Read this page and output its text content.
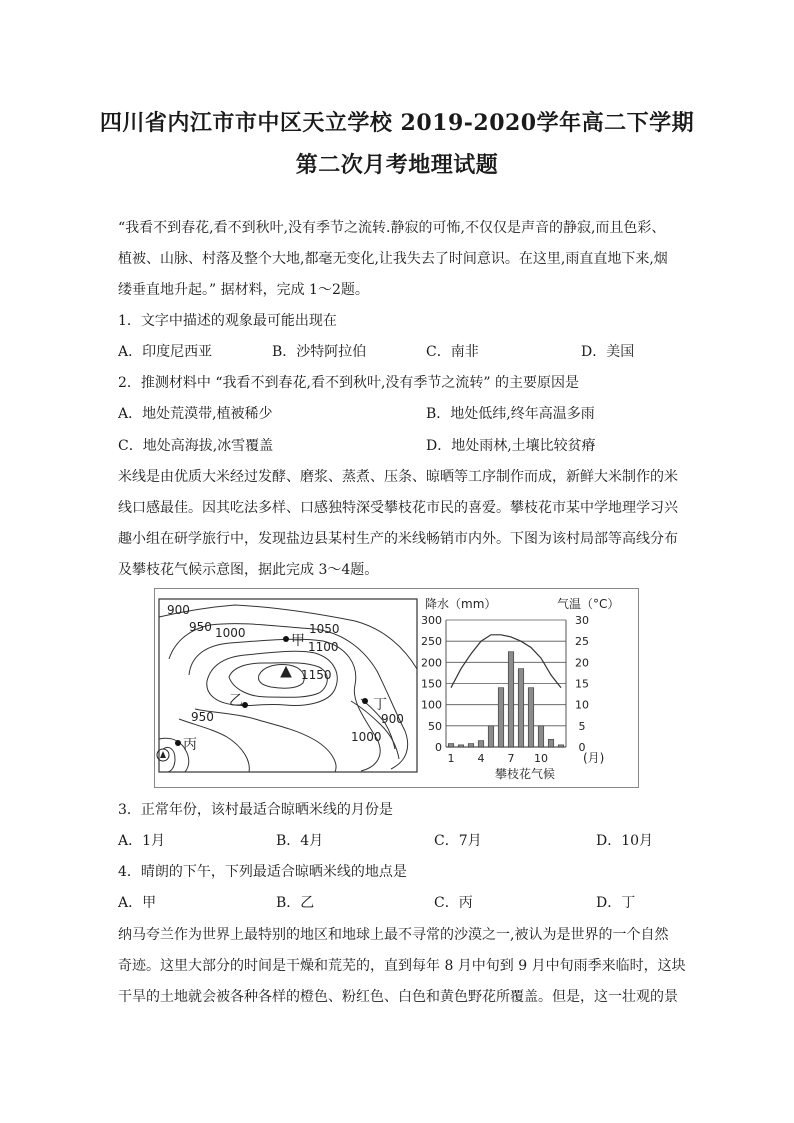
四川省内江市市中区天立学校 2019-2020学年高二下学期
第二次月考地理试题
“我看不到春花,看不到秋叶,没有季节之流转.静寂的可怖,不仅仅是声音的静寂,而且色彩、
植被、山脉、村落及整个大地,都毫无变化,让我失去了时间意识。在这里,雨直直地下来,烟
缕垂直地升起。” 据材料，完成 1～2题。
1．文字中描述的观象最可能出现在
A．印度尼西亚	B．沙特阿拉伯	C．南非	D．美国
2．推测材料中 “我看不到春花,看不到秋叶,没有季节之流转” 的主要原因是
A．地处荒漠带,植被稀少	B．地处低纬,终年高温多雨
C．地处高海拔,冰雪覆盖	D．地处雨林,土壤比较贫瘠
米线是由优质大米经过发酵、磨浆、蒸煮、压条、晾晒等工序制作而成，新鲜大米制作的米
线口感最佳。因其吃法多样、口感独特深受攀枝花市民的喜爱。攀枝花市某中学地理学习兴
趣小组在研学旅行中，发现盐边县某村生产的米线畅销市内外。下图为该村局部等高线分布
及攀枝花气候示意图，据此完成 3～4题。
900
950 1000	1050
1100
1150
950	900
1000
甲
乙
丙
丁
降水（mm）	气温（°C）
攀枝花气候
(月)
0
50
100
150
200
250
300
0
5
10
15
20
25
30
1 4 7 10
3．正常年份，该村最适合晾晒米线的月份是
A．1月	B．4月	C．7月	D．10月
4．晴朗的下午，下列最适合晾晒米线的地点是
A．甲	B．乙	C．丙	D．丁
纳马夸兰作为世界上最特别的地区和地球上最不寻常的沙漠之一,被认为是世界的一个自然
奇迹。这里大部分的时间是干燥和荒芜的，直到每年 8 月中旬到 9 月中旬雨季来临时，这块
干旱的土地就会被各种各样的橙色、粉红色、白色和黄色野花所覆盖。但是，这一壮观的景
